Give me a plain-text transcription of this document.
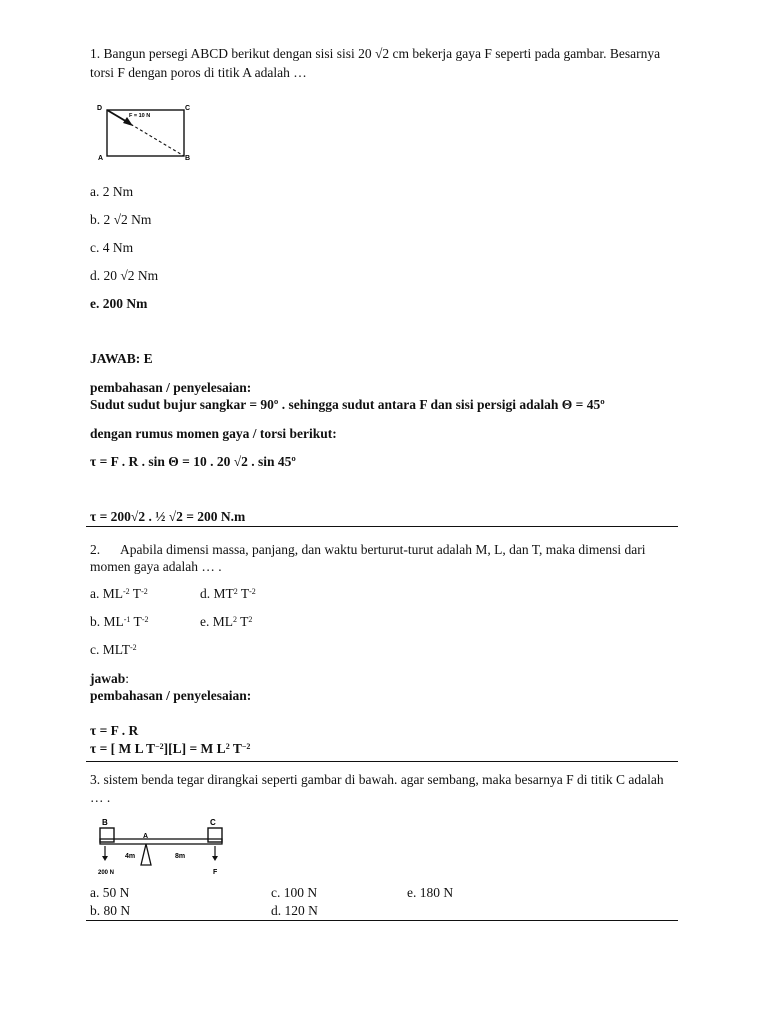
1. Bangun persegi ABCD berikut dengan sisi sisi 20 √2 cm bekerja gaya F seperti pada gambar. Besarnya
torsi F dengan poros di titik A adalah …
D	C
A	B
F = 10 N
a. 2 Nm
b. 2 √2 Nm
c. 4 Nm
d. 20 √2 Nm
e. 200 Nm
JAWAB: E
pembahasan / penyelesaian:
Sudut sudut bujur sangkar = 90º . sehingga sudut antara F dan sisi persigi adalah Θ = 45º
dengan rumus momen gaya / torsi berikut:
τ = F . R . sin Θ = 10 . 20 √2 . sin 45º
τ = 200√2 . ½ √2 = 200 N.m
2. Apabila dimensi massa, panjang, dan waktu berturut-turut adalah M, L, dan T, maka dimensi dari
momen gaya adalah … .
a. $ML^{-2}$ $T^{-2}$	d. $MT^2$ $T^{-2}$
b. $ML^{-1}$ $T^{-2}$	e. $ML^2$ $T^2$
c. $MLT^{-2}$
jawab:
pembahasan / penyelesaian:
τ = F . R
τ = [ M L $T^{-2}][L] = M$ $L^2$ $T^{-2}$
3. sistem benda tegar dirangkai seperti gambar di bawah. agar sembang, maka besarnya F di titik C adalah
… .
B	C
A
4m	8m
200 N	F
a. 50 N	c. 100 N	e. 180 N
b. 80 N	d. 120 N
